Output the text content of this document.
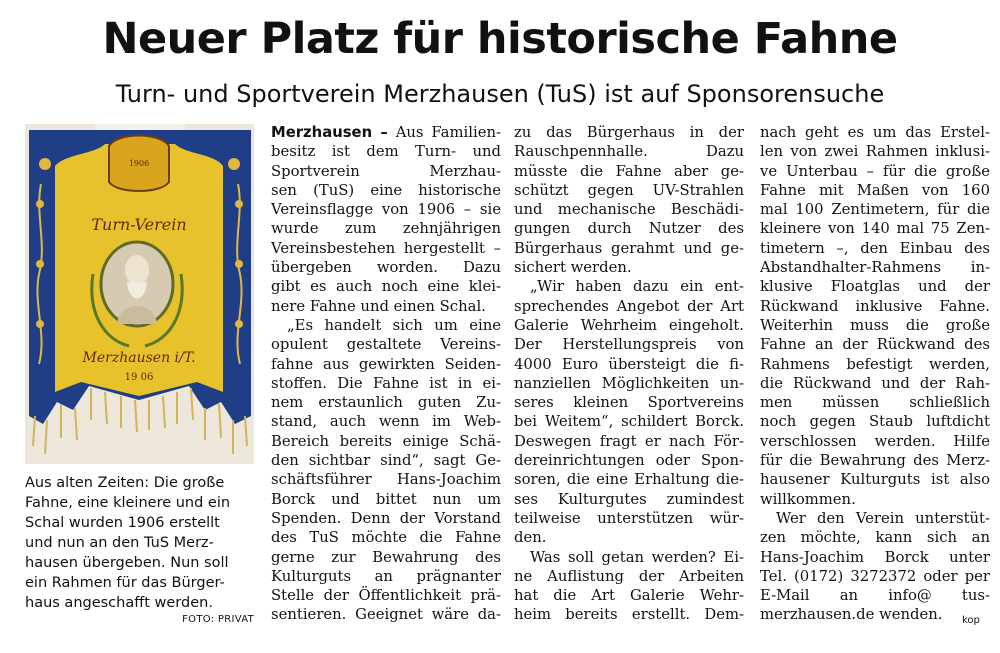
Neuer Platz für historische Fahne
Turn- und Sportverein Merzhausen (TuS) ist auf Sponsorensuche
1906
Turn-Verein
Merzhausen i/T.
19 06
Aus alten Zeiten: Die große
Fahne, eine kleinere und ein
Schal wurden 1906 erstellt
und nun an den TuS Merz-
hausen übergeben. Nun soll
ein Rahmen für das Bürger-
haus angeschafft werden.
FOTO: PRIVAT
Merzhausen – Aus Familien-
besitz ist dem Turn- und
Sportverein Merzhau-
sen (TuS) eine historische
Vereinsflagge von 1906 – sie
wurde zum zehnjährigen
Vereinsbestehen hergestellt –
übergeben worden. Dazu
gibt es auch noch eine klei-
nere Fahne und einen Schal.
„Es handelt sich um eine
opulent gestaltete Vereins-
fahne aus gewirkten Seiden-
stoffen. Die Fahne ist in ei-
nem erstaunlich guten Zu-
stand, auch wenn im Web-
Bereich bereits einige Schä-
den sichtbar sind“, sagt Ge-
schäftsführer Hans-Joachim
Borck und bittet nun um
Spenden. Denn der Vorstand
des TuS möchte die Fahne
gerne zur Bewahrung des
Kulturguts an prägnanter
Stelle der Öffentlichkeit prä-
sentieren. Geeignet wäre da-
zu das Bürgerhaus in der
Rauschpennhalle. Dazu
müsste die Fahne aber ge-
schützt gegen UV-Strahlen
und mechanische Beschädi-
gungen durch Nutzer des
Bürgerhaus gerahmt und ge-
sichert werden.
„Wir haben dazu ein ent-
sprechendes Angebot der Art
Galerie Wehrheim eingeholt.
Der Herstellungspreis von
4000 Euro übersteigt die fi-
nanziellen Möglichkeiten un-
seres kleinen Sportvereins
bei Weitem“, schildert Borck.
Deswegen fragt er nach För-
dereinrichtungen oder Spon-
soren, die eine Erhaltung die-
ses Kulturgutes zumindest
teilweise unterstützen wür-
den.
Was soll getan werden? Ei-
ne Auflistung der Arbeiten
hat die Art Galerie Wehr-
heim bereits erstellt. Dem-
nach geht es um das Erstel-
len von zwei Rahmen inklusi-
ve Unterbau – für die große
Fahne mit Maßen von 160
mal 100 Zentimetern, für die
kleinere von 140 mal 75 Zen-
timetern –, den Einbau des
Abstandhalter-Rahmens in-
klusive Floatglas und der
Rückwand inklusive Fahne.
Weiterhin muss die große
Fahne an der Rückwand des
Rahmens befestigt werden,
die Rückwand und der Rah-
men müssen schließlich
noch gegen Staub luftdicht
verschlossen werden. Hilfe
für die Bewahrung des Merz-
hausener Kulturguts ist also
willkommen.
Wer den Verein unterstüt-
zen möchte, kann sich an
Hans-Joachim Borck unter
Tel. (0172) 3272372 oder per
E-Mail an info@ tus-
merzhausen.de wenden.	kop
